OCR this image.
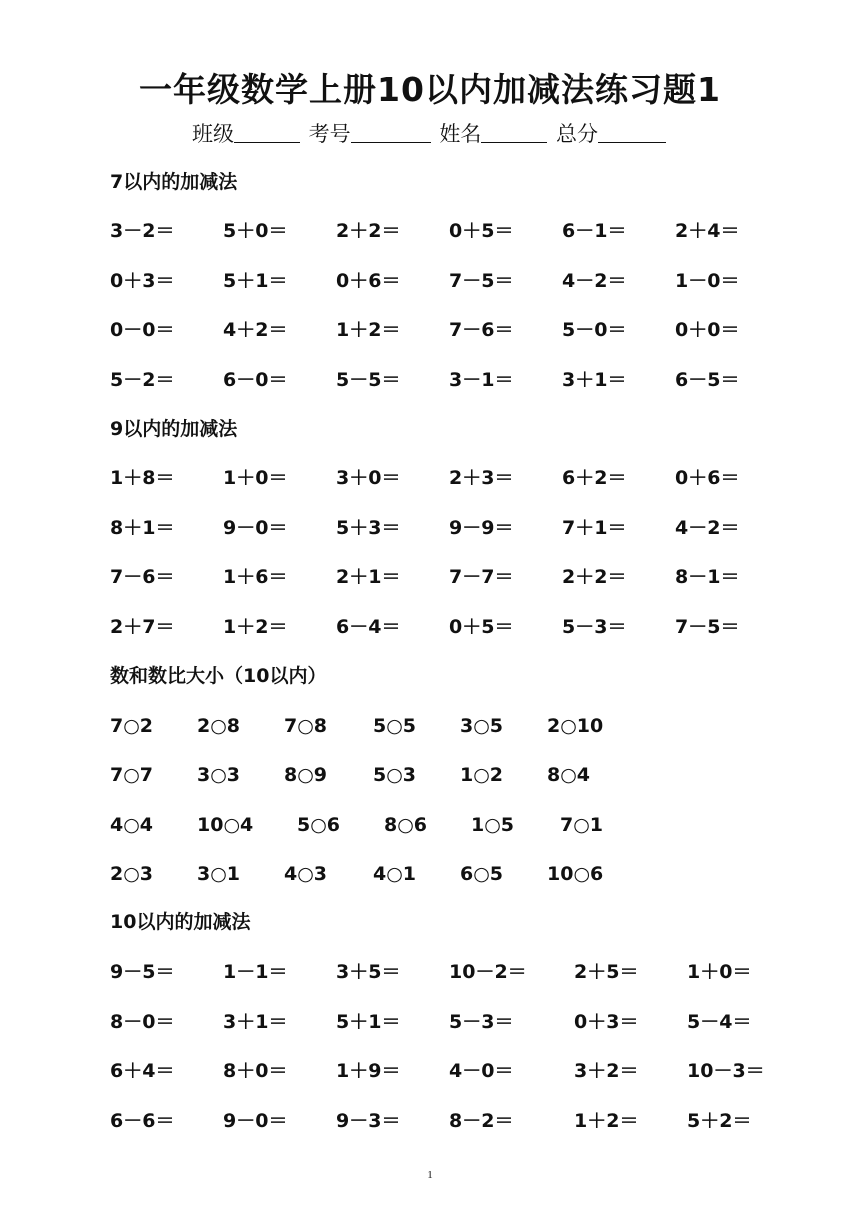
一年级数学上册10以内加减法练习题1
班级	考号	姓名	总分
7以内的加减法
3－2＝	5＋0＝	2＋2＝	0＋5＝	6－1＝	2＋4＝
0＋3＝	5＋1＝	0＋6＝	7－5＝	4－2＝	1－0＝
0－0＝	4＋2＝	1＋2＝	7－6＝	5－0＝	0＋0＝
5－2＝	6－0＝	5－5＝	3－1＝	3＋1＝	6－5＝
9以内的加减法
1＋8＝	1＋0＝	3＋0＝	2＋3＝	6＋2＝	0＋6＝
8＋1＝	9－0＝	5＋3＝	9－9＝	7＋1＝	4－2＝
7－6＝	1＋6＝	2＋1＝	7－7＝	2＋2＝	8－1＝
2＋7＝	1＋2＝	6－4＝	0＋5＝	5－3＝	7－5＝
数和数比大小（10以内）
7○2 2○8 7○8 5○5 3○5 2○10
7○7 3○3 8○9 5○3 1○2 8○4
4○4 10○4 5○6 8○6 1○5 7○1
2○3 3○1 4○3 4○1 6○5 10○6
10以内的加减法
9－5＝	1－1＝	3＋5＝	10－2＝ 2＋5＝	1＋0＝
8－0＝	3＋1＝	5＋1＝	5－3＝	0＋3＝	5－4＝
6＋4＝	8＋0＝	1＋9＝	4－0＝	3＋2＝	10－3＝
6－6＝	9－0＝	9－3＝	8－2＝	1＋2＝	5＋2＝
1
